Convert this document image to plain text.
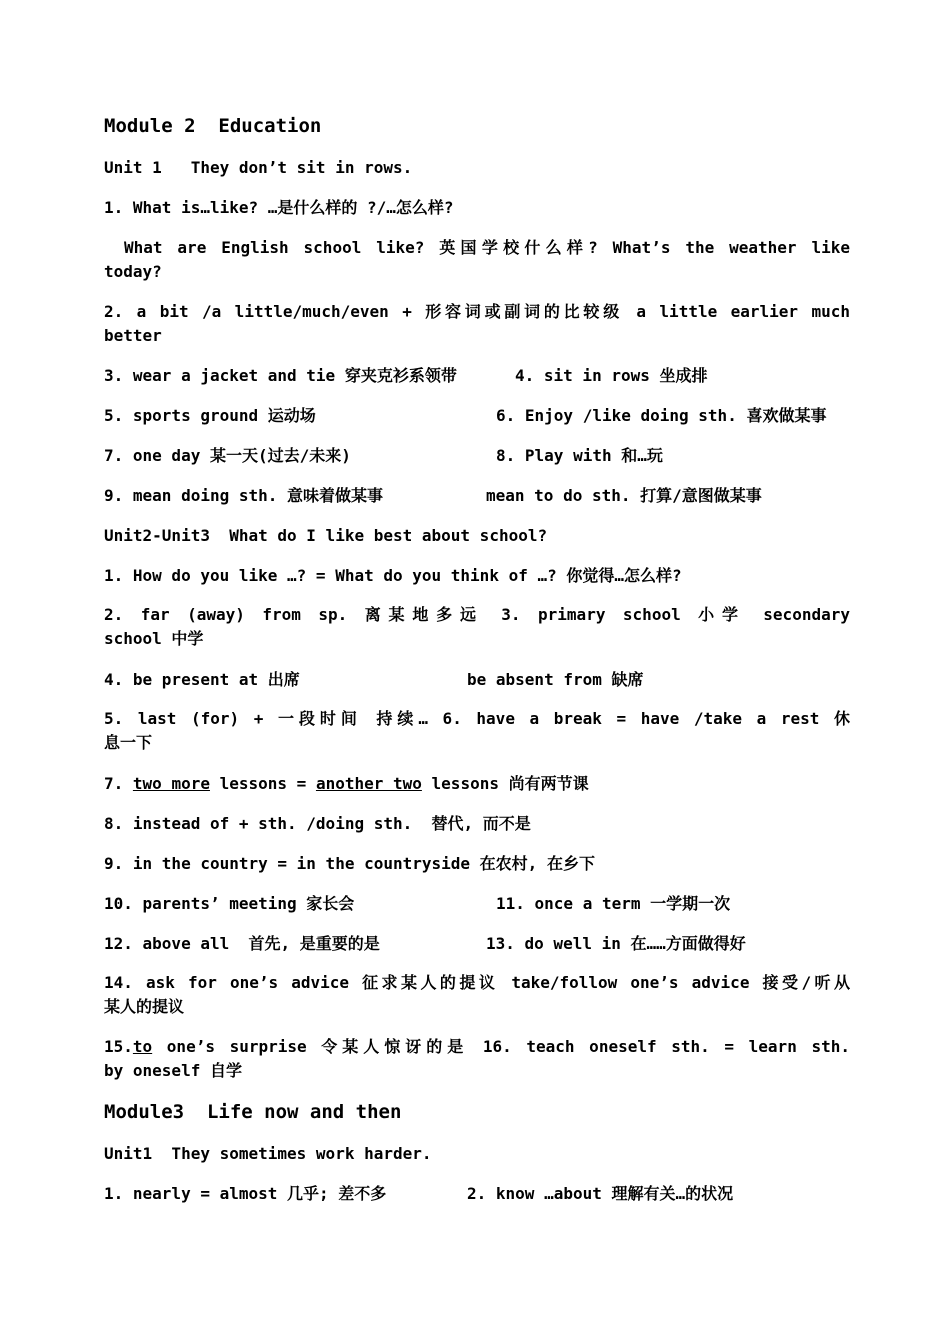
Module 2  Education
Unit 1   They don’t sit in rows.
1. What is…like? …是什么样的 ?/…怎么样?
What are English school like? 英国学校什么样? What’s the weather like
today?
2. a bit /a little/much/even + 形容词或副词的比较级 a little earlier much
better
3. wear a jacket and tie 穿夹克衫系领带	4. sit in rows 坐成排
5. sports ground 运动场	6. Enjoy /like doing sth. 喜欢做某事
7. one day 某一天(过去/未来)	8. Play with 和…玩
9. mean doing sth. 意味着做某事	mean to do sth. 打算/意图做某事
Unit2-Unit3  What do I like best about school?
1. How do you like …? = What do you think of …? 你觉得…怎么样?
2. far (away) from sp. 离某地多远 3. primary school 小学 secondary
school 中学
4. be present at 出席	be absent from 缺席
5. last (for) + 一段时间 持续… 6. have a break = have /take a rest 休
息一下
7. two more lessons = another two lessons 尚有两节课
8. instead of + sth. /doing sth.  替代, 而不是
9. in the country = in the countryside 在农村, 在乡下
10. parents’ meeting 家长会	11. once a term 一学期一次
12. above all  首先, 是重要的是	13. do well in 在……方面做得好
14. ask for one’s advice 征求某人的提议 take/follow one’s advice 接受/听从
某人的提议
15.to one’s surprise 令某人惊讶的是 16. teach oneself sth. = learn sth.
by oneself 自学
Module3  Life now and then
Unit1  They sometimes work harder.
1. nearly = almost 几乎; 差不多	2. know …about 理解有关…的状况
